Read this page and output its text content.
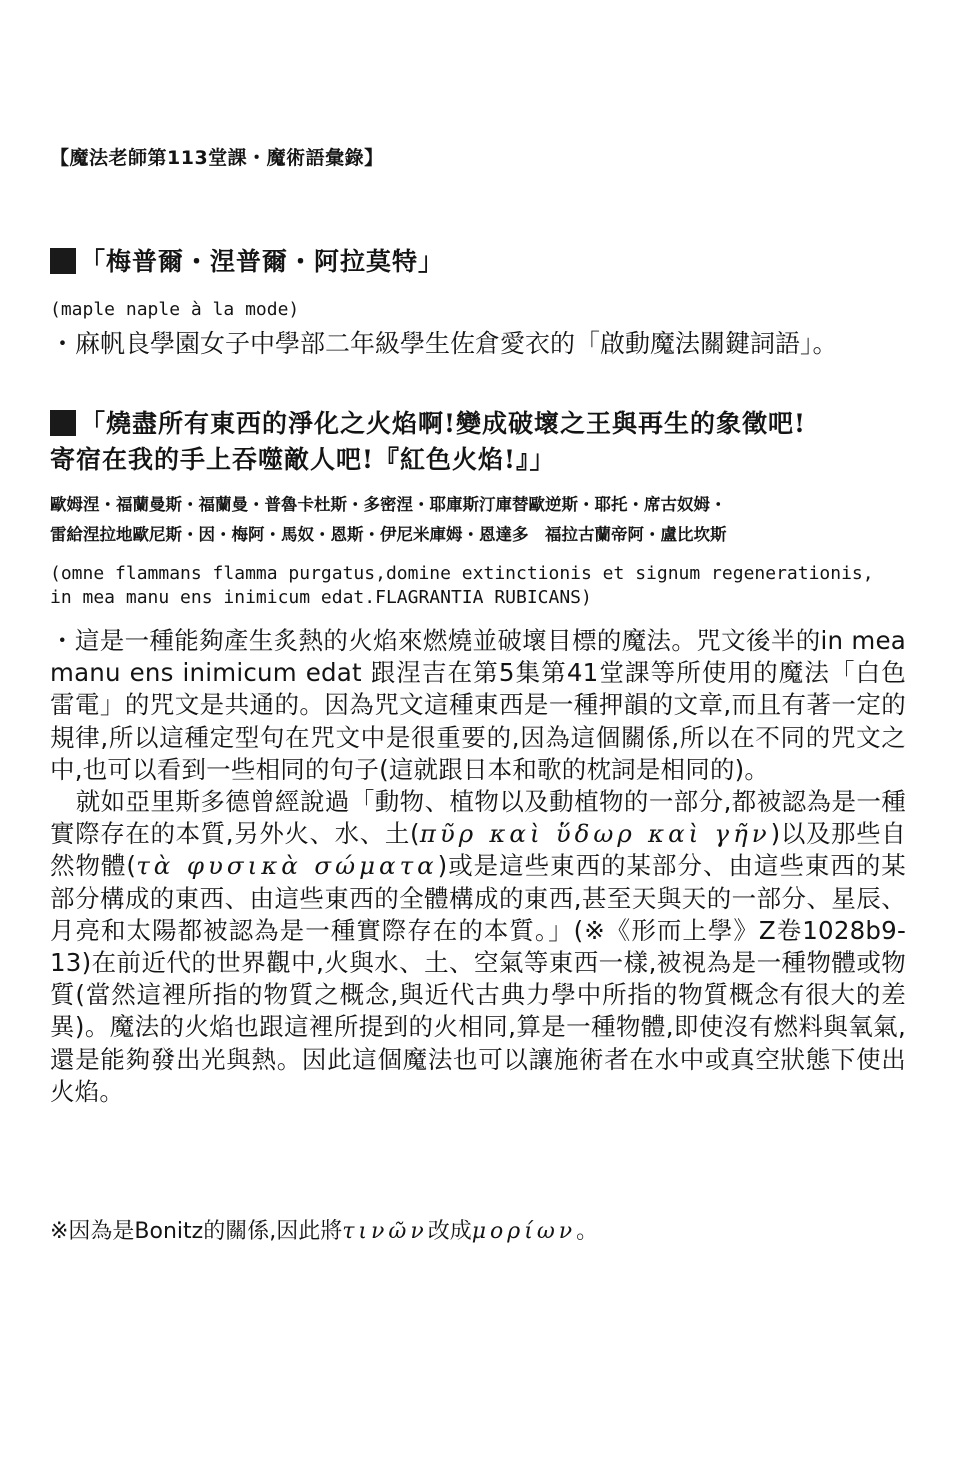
【魔法老師第113堂課・魔術語彙錄】

「梅普爾・涅普爾・阿拉莫特」

(maple naple à la mode)

・麻帆良學園女子中學部二年級學生佐倉愛衣的「啟動魔法關鍵詞語」。

「燒盡所有東西的淨化之火焰啊!變成破壞之王與再生的象徵吧!

寄宿在我的手上吞噬敵人吧!『紅色火焰!』」

歐姆涅・福蘭曼斯・福蘭曼・普魯卡杜斯・多密涅・耶庫斯汀庫替歐逆斯・耶托・席古奴姆・

雷給涅拉地歐尼斯・因・梅阿・馬奴・恩斯・伊尼米庫姆・恩達多　福拉古蘭帝阿・盧比坎斯

(omne flammans flamma purgatus,domine extinctionis et signum regenerationis,

in mea manu ens inimicum edat.FLAGRANTIA RUBICANS)

・這是一種能夠產生炙熱的火焰來燃燒並破壞目標的魔法。咒文後半的in mea manu ens inimicum edat 跟涅吉在第5集第41堂課等所使用的魔法「白色雷電」的咒文是共通的。因為咒文這種東西是一種押韻的文章,而且有著一定的規律,所以這種定型句在咒文中是很重要的,因為這個關係,所以在不同的咒文之中,也可以看到一些相同的句子(這就跟日本和歌的枕詞是相同的)。

就如亞里斯多德曾經說過「動物、植物以及動植物的一部分,都被認為是一種實際存在的本質,另外火、水、土(πῦρ καὶ ὕδωρ καὶ γῆν)以及那些自然物體(τὰ φυσικὰ σώματα)或是這些東西的某部分、由這些東西的某部分構成的東西、由這些東西的全體構成的東西,甚至天與天的一部分、星辰、月亮和太陽都被認為是一種實際存在的本質。」(※《形而上學》Z卷1028b9-13)在前近代的世界觀中,火與水、土、空氣等東西一樣,被視為是一種物體或物質(當然這裡所指的物質之概念,與近代古典力學中所指的物質概念有很大的差異)。魔法的火焰也跟這裡所提到的火相同,算是一種物體,即使沒有燃料與氧氣,還是能夠發出光與熱。因此這個魔法也可以讓施術者在水中或真空狀態下使出火焰。

※因為是Bonitz的關係,因此將τινῶν改成μορίων。
